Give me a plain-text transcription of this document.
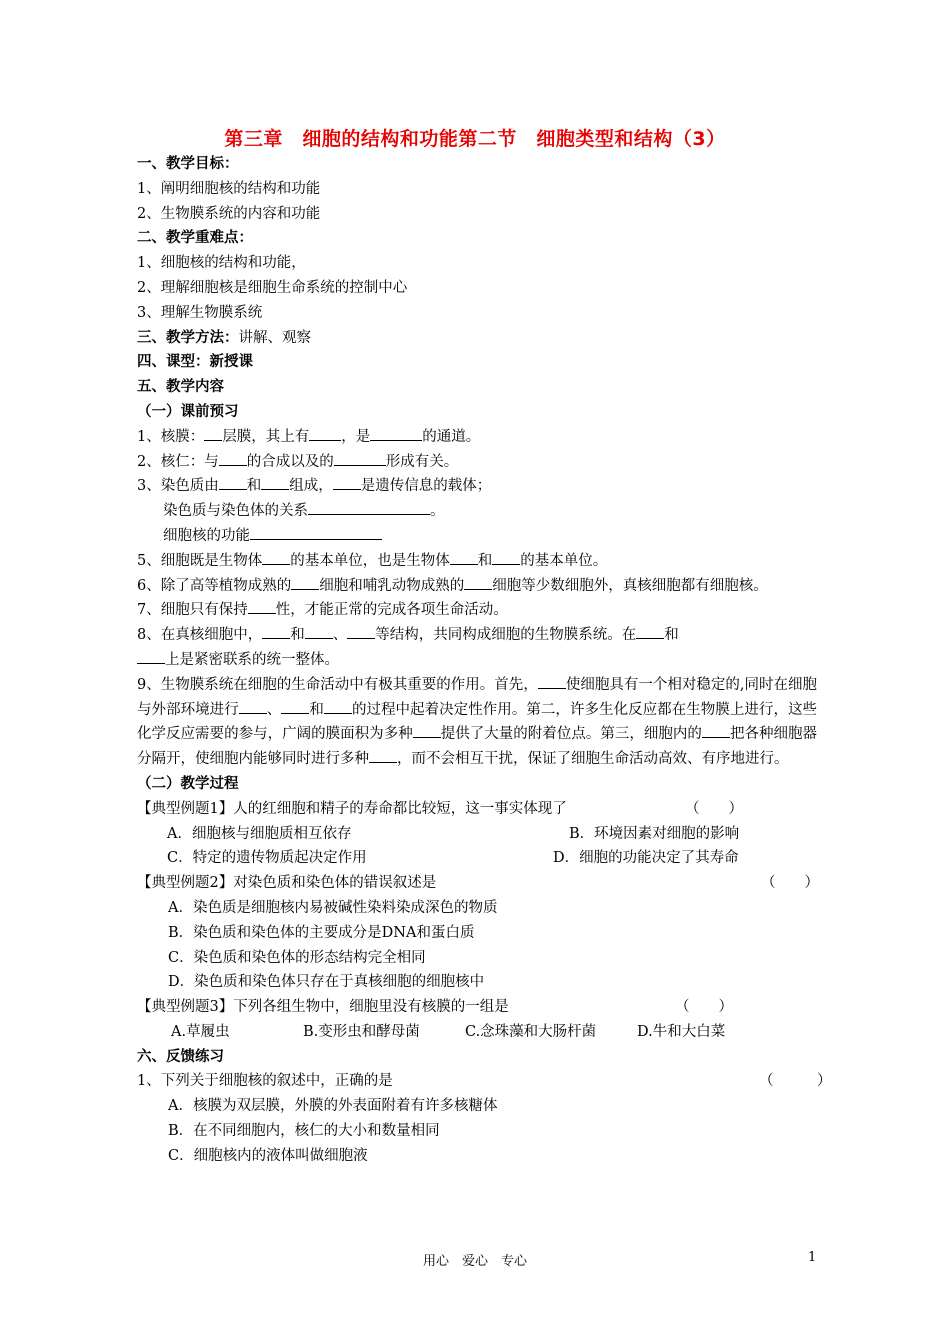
第三章　细胞的结构和功能第二节　细胞类型和结构（3）
一、教学目标：
1、阐明细胞核的结构和功能
2、生物膜系统的内容和功能
二、教学重难点：
1、细胞核的结构和功能，
2、理解细胞核是细胞生命系统的控制中心
3、理解生物膜系统
三、教学方法：讲解、观察
四、课型：新授课
五、教学内容
（一）课前预习
1、核膜： 层膜，其上有 ，是	的通道。
2、核仁：与 的合成以及的	形成有关。
3、染色质由 和 组成， 是遗传信息的载体；
染色质与染色体的关系	。
细胞核的功能
5、细胞既是生物体 的基本单位，也是生物体 和 的基本单位。
6、除了高等植物成熟的 细胞和哺乳动物成熟的 细胞等少数细胞外，真核细胞都有细胞核。
7、细胞只有保持 性，才能正常的完成各项生命活动。
8、在真核细胞中， 和 、 等结构，共同构成细胞的生物膜系统。在 和
上是紧密联系的统一整体。
9、生物膜系统在细胞的生命活动中有极其重要的作用。首先， 使细胞具有一个相对稳定的,同时在细胞与外部环境进行 、 和 的过程中起着决定性作用。第二，许多生化反应都在生物膜上进行，这些化学反应需要的参与，广阔的膜面积为多种 提供了大量的附着位点。第三，细胞内的 把各种细胞器分隔开，使细胞内能够同时进行多种 ，而不会相互干扰，保证了细胞生命活动高效、有序地进行。
（二）教学过程
【典型例题1】人的红细胞和精子的寿命都比较短，这一事实体现了	（　　）
A．细胞核与细胞质相互依存	B．环境因素对细胞的影响
C．特定的遗传物质起决定作用	D．细胞的功能决定了其寿命
【典型例题2】对染色质和染色体的错误叙述是	（　　）
A．染色质是细胞核内易被碱性染料染成深色的物质
B．染色质和染色体的主要成分是DNA和蛋白质
C．染色质和染色体的形态结构完全相同
D．染色质和染色体只存在于真核细胞的细胞核中
【典型例题3】下列各组生物中，细胞里没有核膜的一组是	（　　）
A.草履虫	B.变形虫和酵母菌	C.念珠藻和大肠杆菌	D.牛和大白菜
六、反馈练习
1、下列关于细胞核的叙述中，正确的是	（　　　）
A．核膜为双层膜，外膜的外表面附着有许多核糖体
B．在不同细胞内，核仁的大小和数量相同
C．细胞核内的液体叫做细胞液
用心　爱心　专心	1
